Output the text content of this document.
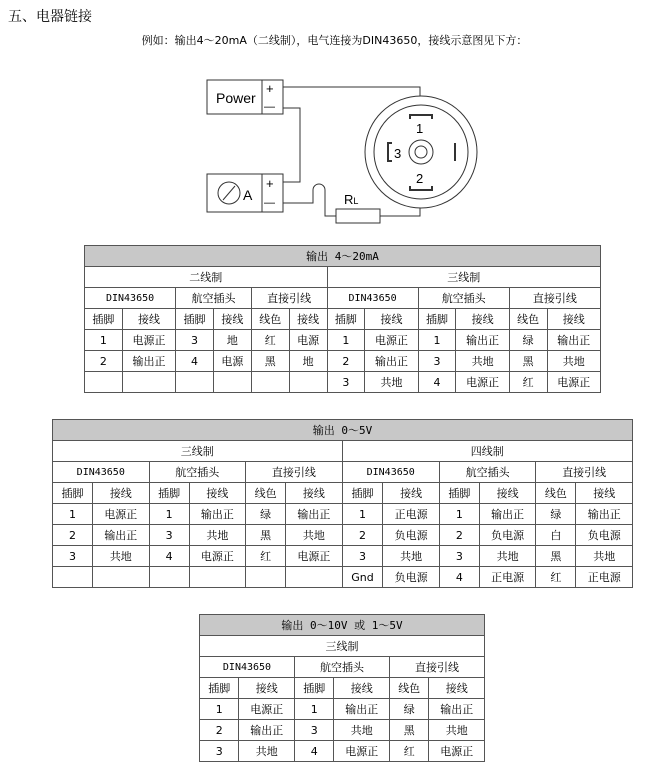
五、电器链接
例如：输出4～20mA（二线制），电气连接为DIN43650，接线示意图见下方：
Power
+
—
A
+
—	RL
1
2
3
输出 4～20mA											
二线制						三线制					
DIN43650		航空插头		直接引线		DIN43650		航空插头		直接引线	
插脚	接线	插脚	接线	线色	接线	插脚	接线	插脚	接线	线色	接线
1	电源正	3	地	红	电源	1	电源正	1	输出正	绿	输出正
2	输出正	4	电源	黑	地	2	输出正	3	共地	黑	共地
						3	共地	4	电源正	红	电源正
输出 0～5V											
三线制						四线制					
DIN43650		航空插头		直接引线		DIN43650		航空插头		直接引线	
插脚	接线	插脚	接线	线色	接线	插脚	接线	插脚	接线	线色	接线
1	电源正	1	输出正	绿	输出正	1	正电源	1	输出正	绿	输出正
2	输出正	3	共地	黑	共地	2	负电源	2	负电源	白	负电源
3	共地	4	电源正	红	电源正	3	共地	3	共地	黑	共地
						Gnd	负电源	4	正电源	红	正电源
输出 0～10V 或 1～5V					
三线制					
DIN43650		航空插头		直接引线	
插脚	接线	插脚	接线	线色	接线
1	电源正	1	输出正	绿	输出正
2	输出正	3	共地	黑	共地
3	共地	4	电源正	红	电源正
